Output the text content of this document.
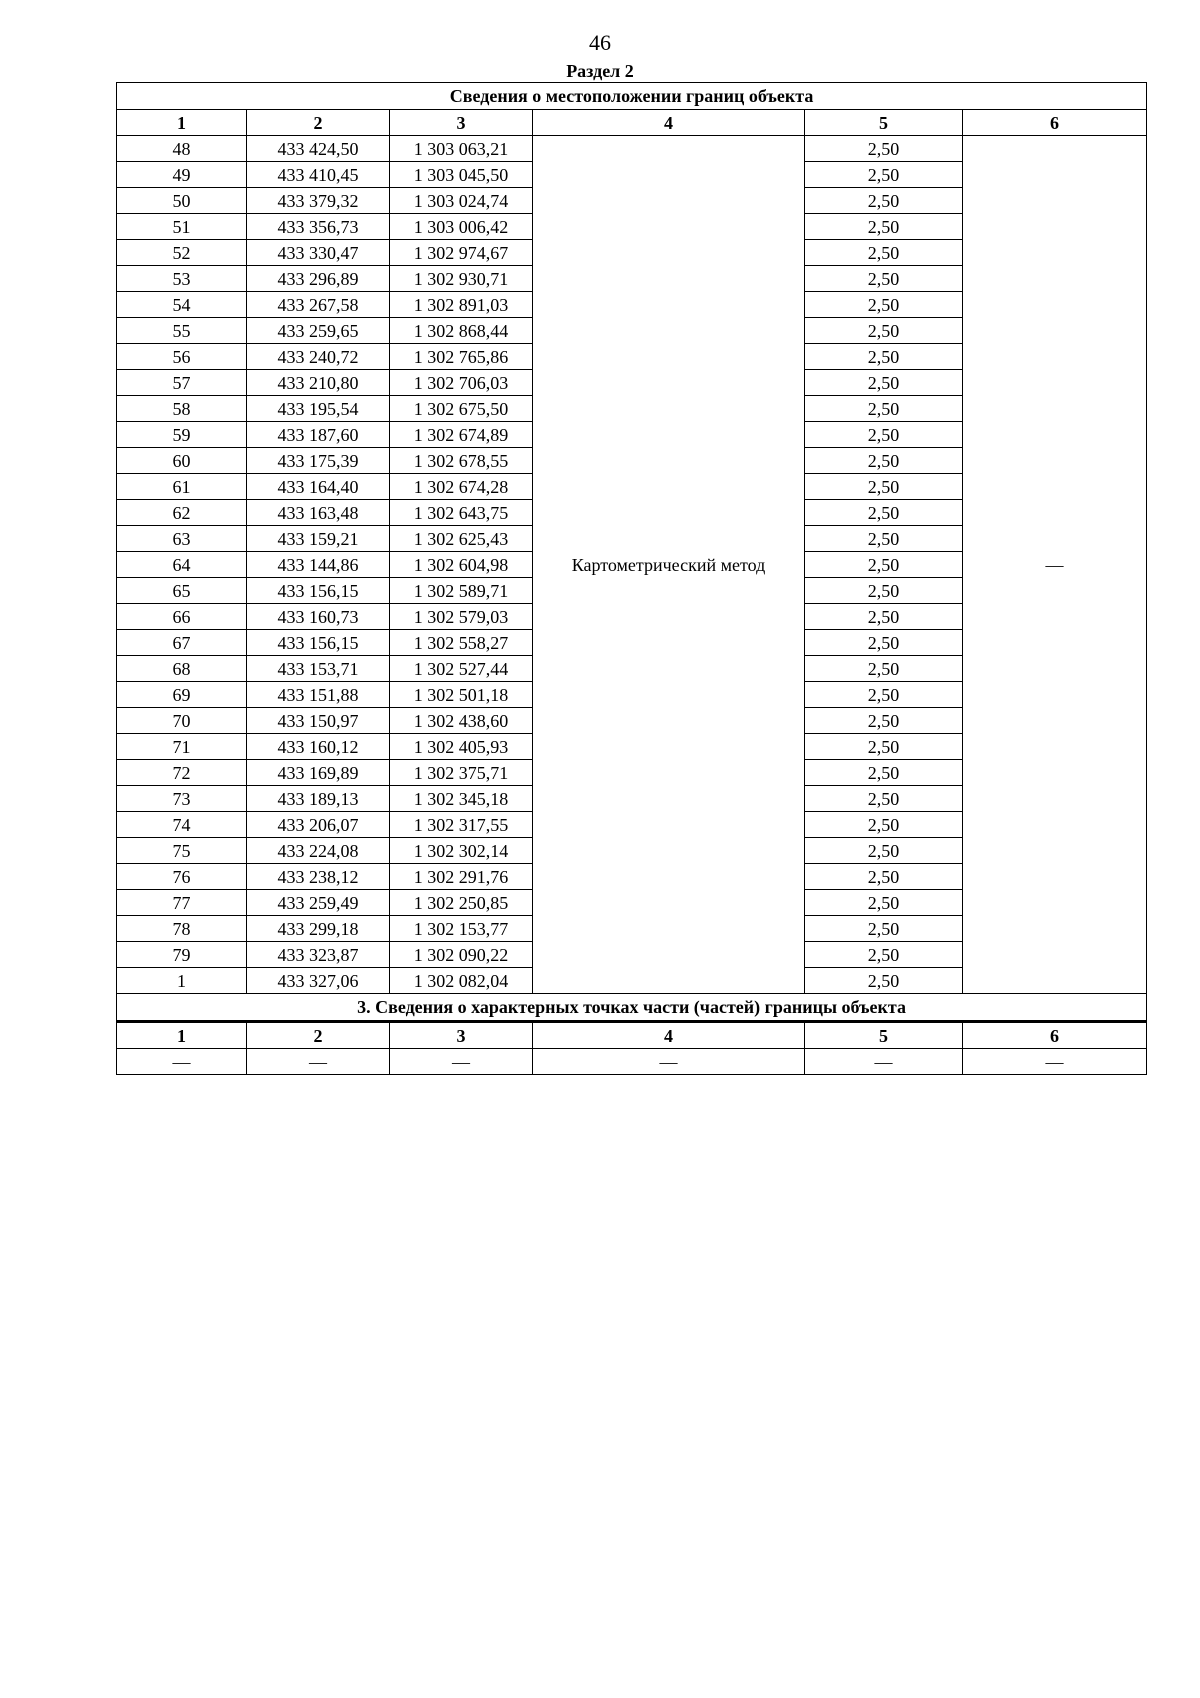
46
Раздел 2
Сведения о местоположении границ объекта					
1	2	3	4	5	6
48	433 424,50	1 303 063,21	Картометрический метод	2,50	—
49	433 410,45	1 303 045,50		2,50	
50	433 379,32	1 303 024,74		2,50	
51	433 356,73	1 303 006,42		2,50	
52	433 330,47	1 302 974,67		2,50	
53	433 296,89	1 302 930,71		2,50	
54	433 267,58	1 302 891,03		2,50	
55	433 259,65	1 302 868,44		2,50	
56	433 240,72	1 302 765,86		2,50	
57	433 210,80	1 302 706,03		2,50	
58	433 195,54	1 302 675,50		2,50	
59	433 187,60	1 302 674,89		2,50	
60	433 175,39	1 302 678,55		2,50	
61	433 164,40	1 302 674,28		2,50	
62	433 163,48	1 302 643,75		2,50	
63	433 159,21	1 302 625,43		2,50	
64	433 144,86	1 302 604,98		2,50	
65	433 156,15	1 302 589,71		2,50	
66	433 160,73	1 302 579,03		2,50	
67	433 156,15	1 302 558,27		2,50	
68	433 153,71	1 302 527,44		2,50	
69	433 151,88	1 302 501,18		2,50	
70	433 150,97	1 302 438,60		2,50	
71	433 160,12	1 302 405,93		2,50	
72	433 169,89	1 302 375,71		2,50	
73	433 189,13	1 302 345,18		2,50	
74	433 206,07	1 302 317,55		2,50	
75	433 224,08	1 302 302,14		2,50	
76	433 238,12	1 302 291,76		2,50	
77	433 259,49	1 302 250,85		2,50	
78	433 299,18	1 302 153,77		2,50	
79	433 323,87	1 302 090,22		2,50	
1	433 327,06	1 302 082,04		2,50	
3. Сведения о характерных точках части (частей) границы объекта					
1	2	3	4	5	6
—	—	—	—	—	—
